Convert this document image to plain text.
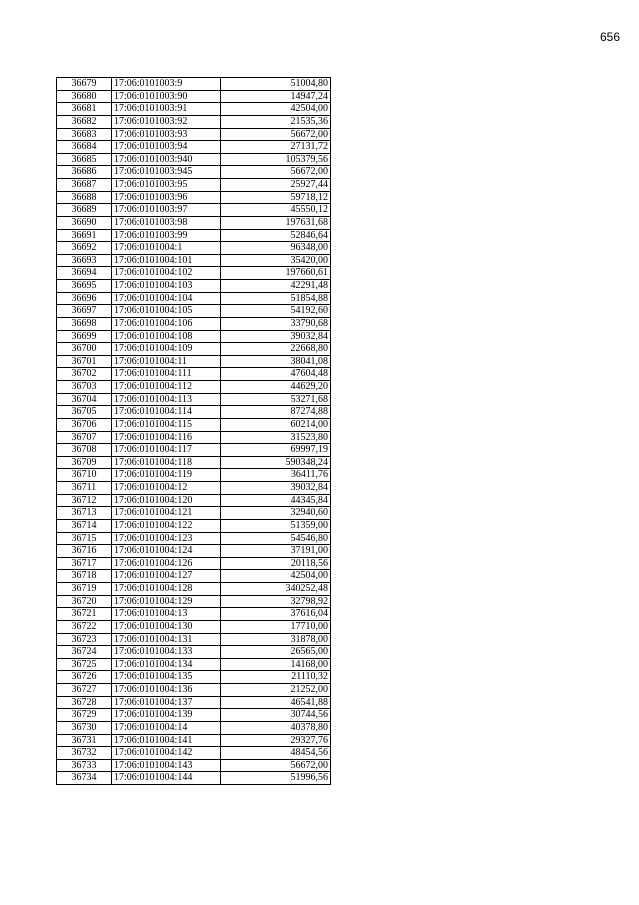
656
36679	17:06:0101003:9	51004,80
36680	17:06:0101003:90	14947,24
36681	17:06:0101003:91	42504,00
36682	17:06:0101003:92	21535,36
36683	17:06:0101003:93	56672,00
36684	17:06:0101003:94	27131,72
36685	17:06:0101003:940	105379,56
36686	17:06:0101003:945	56672,00
36687	17:06:0101003:95	25927,44
36688	17:06:0101003:96	59718,12
36689	17:06:0101003:97	45550,12
36690	17:06:0101003:98	197631,68
36691	17:06:0101003:99	52846,64
36692	17:06:0101004:1	96348,00
36693	17:06:0101004:101	35420,00
36694	17:06:0101004:102	197660,61
36695	17:06:0101004:103	42291,48
36696	17:06:0101004:104	51854,88
36697	17:06:0101004:105	54192,60
36698	17:06:0101004:106	33790,68
36699	17:06:0101004:108	39032,84
36700	17:06:0101004:109	22668,80
36701	17:06:0101004:11	38041,08
36702	17:06:0101004:111	47604,48
36703	17:06:0101004:112	44629,20
36704	17:06:0101004:113	53271,68
36705	17:06:0101004:114	87274,88
36706	17:06:0101004:115	60214,00
36707	17:06:0101004:116	31523,80
36708	17:06:0101004:117	69997,19
36709	17:06:0101004:118	590348,24
36710	17:06:0101004:119	36411,76
36711	17:06:0101004:12	39032,84
36712	17:06:0101004:120	44345,84
36713	17:06:0101004:121	32940,60
36714	17:06:0101004:122	51359,00
36715	17:06:0101004:123	54546,80
36716	17:06:0101004:124	37191,00
36717	17:06:0101004:126	20118,56
36718	17:06:0101004:127	42504,00
36719	17:06:0101004:128	340252,48
36720	17:06:0101004:129	32798,92
36721	17:06:0101004:13	37616,04
36722	17:06:0101004:130	17710,00
36723	17:06:0101004:131	31878,00
36724	17:06:0101004:133	26565,00
36725	17:06:0101004:134	14168,00
36726	17:06:0101004:135	21110,32
36727	17:06:0101004:136	21252,00
36728	17:06:0101004:137	46541,88
36729	17:06:0101004:139	30744,56
36730	17:06:0101004:14	40378,80
36731	17:06:0101004:141	29327,76
36732	17:06:0101004:142	48454,56
36733	17:06:0101004:143	56672,00
36734	17:06:0101004:144	51996,56
